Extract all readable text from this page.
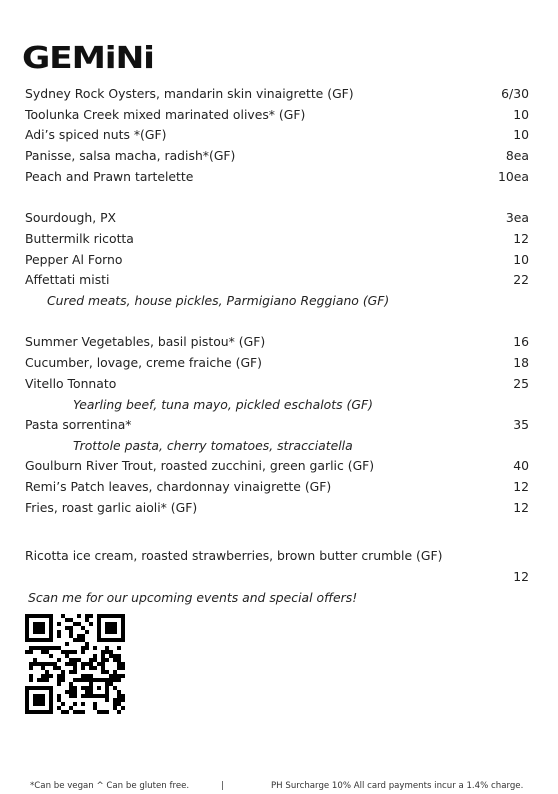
GEMiNi
Sydney Rock Oysters, mandarin skin vinaigrette (GF)	6/30
Toolunka Creek mixed marinated olives* (GF)	10
Adi’s spiced nuts *(GF)	10
Panisse, salsa macha, radish*(GF)	8ea
Peach and Prawn tartelette	10ea
Sourdough, PX	3ea
Buttermilk ricotta	12
Pepper Al Forno	10
Affettati misti	22
Cured meats, house pickles, Parmigiano Reggiano (GF)
Summer Vegetables, basil pistou* (GF)	16
Cucumber, lovage, creme fraiche (GF)	18
Vitello Tonnato	25
Yearling beef, tuna mayo, pickled eschalots (GF)
Pasta sorrentina*	35
Trottole pasta, cherry tomatoes, stracciatella
Goulburn River Trout, roasted zucchini, green garlic (GF)	40
Remi’s Patch leaves, chardonnay vinaigrette (GF)	12
Fries, roast garlic aioli* (GF)	12
Ricotta ice cream, roasted strawberries, brown butter crumble (GF)
12
Scan me for our upcoming events and special offers!
*Can be vegan ^ Can be gluten free.	|	PH Surcharge 10% All card payments incur a 1.4% charge.
